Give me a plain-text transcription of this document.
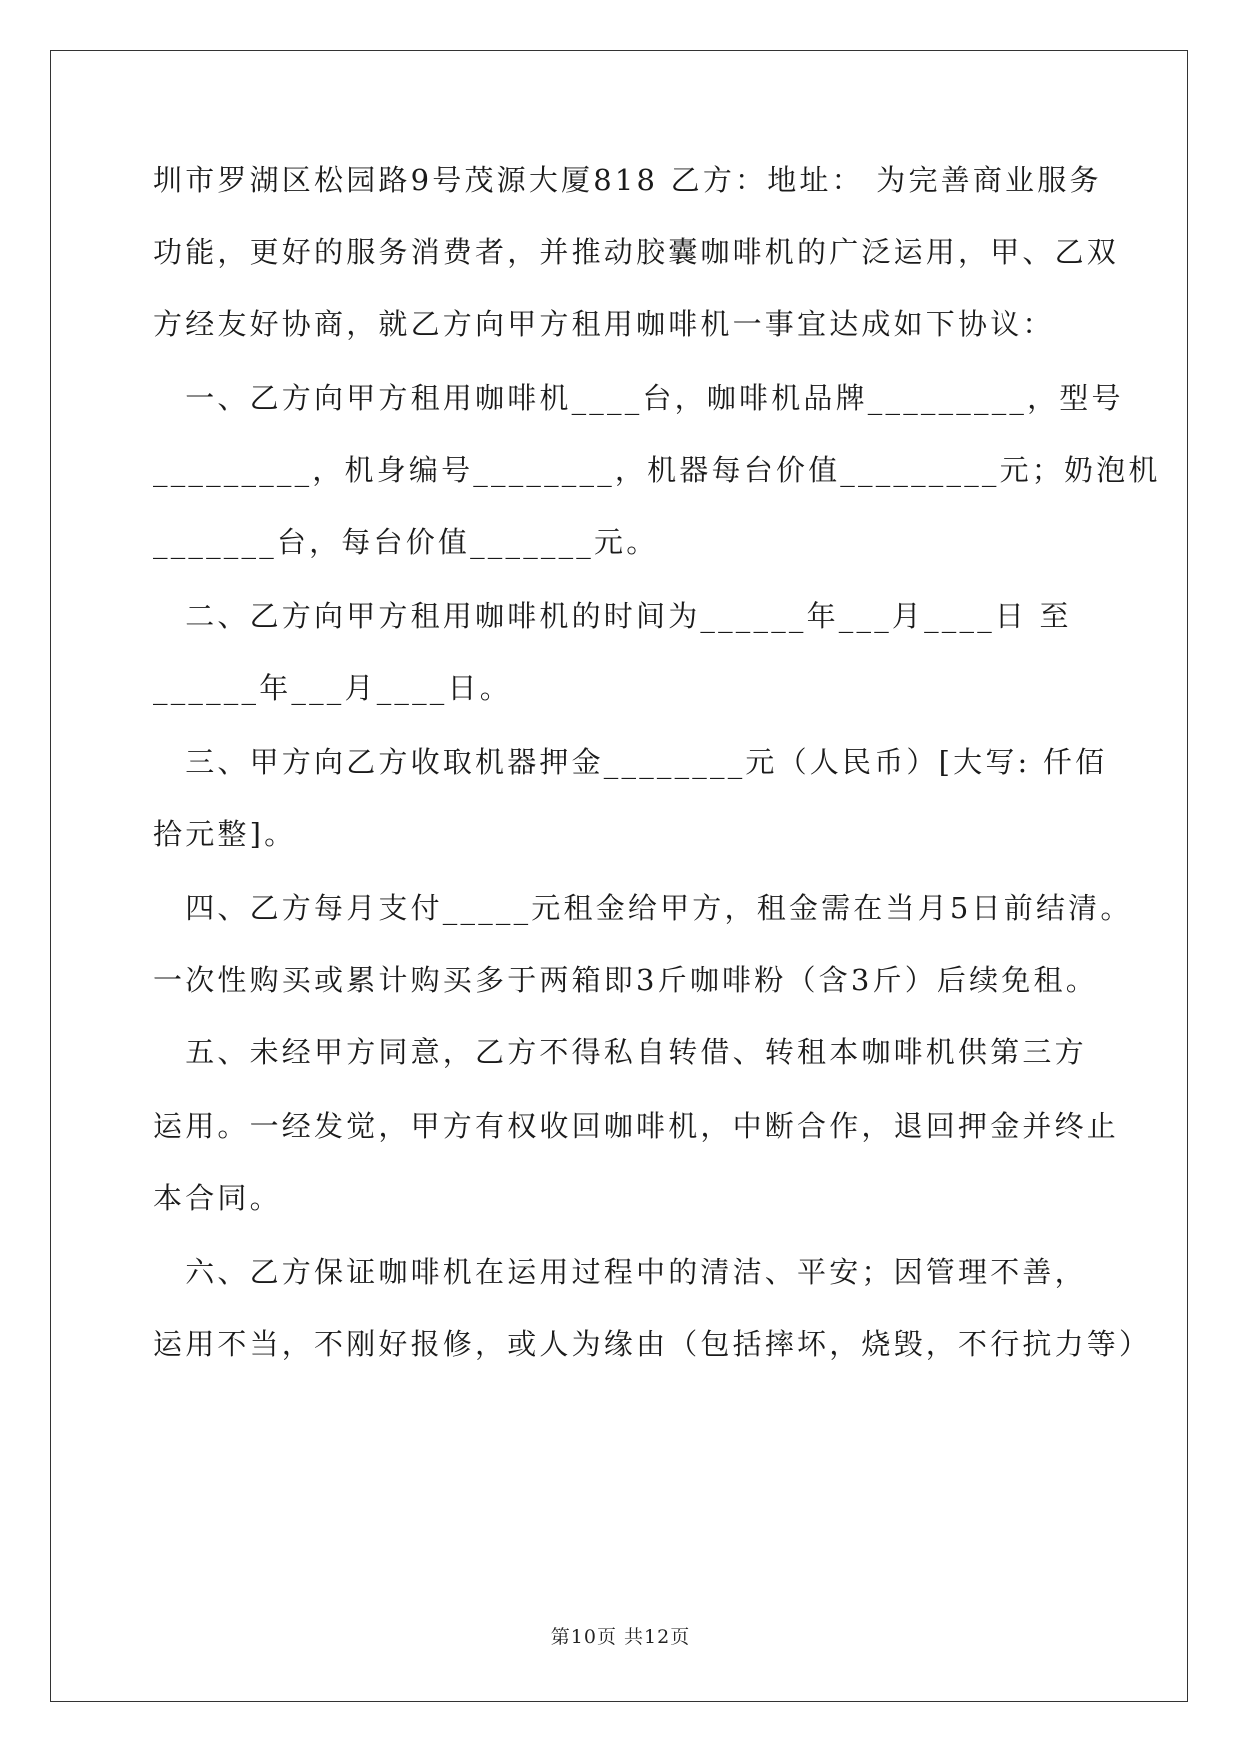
圳市罗湖区松园路9号茂源大厦818 乙方：地址： 为完善商业服务
功能，更好的服务消费者，并推动胶囊咖啡机的广泛运用，甲、乙双
方经友好协商，就乙方向甲方租用咖啡机一事宜达成如下协议：
　一、乙方向甲方租用咖啡机____台，咖啡机品牌_________，型号
_________，机身编号________，机器每台价值_________元；奶泡机
_______台，每台价值_______元。
　二、乙方向甲方租用咖啡机的时间为______年___月____日 至
______年___月____日。
　三、甲方向乙方收取机器押金________元（人民币）[大写: 仟佰
拾元整]。
　四、乙方每月支付_____元租金给甲方，租金需在当月5日前结清。
一次性购买或累计购买多于两箱即3斤咖啡粉（含3斤）后续免租。
　五、未经甲方同意，乙方不得私自转借、转租本咖啡机供第三方
运用。一经发觉，甲方有权收回咖啡机，中断合作，退回押金并终止
本合同。
　六、乙方保证咖啡机在运用过程中的清洁、平安；因管理不善，
运用不当，不刚好报修，或人为缘由（包括摔坏，烧毁，不行抗力等）
第10页 共12页
